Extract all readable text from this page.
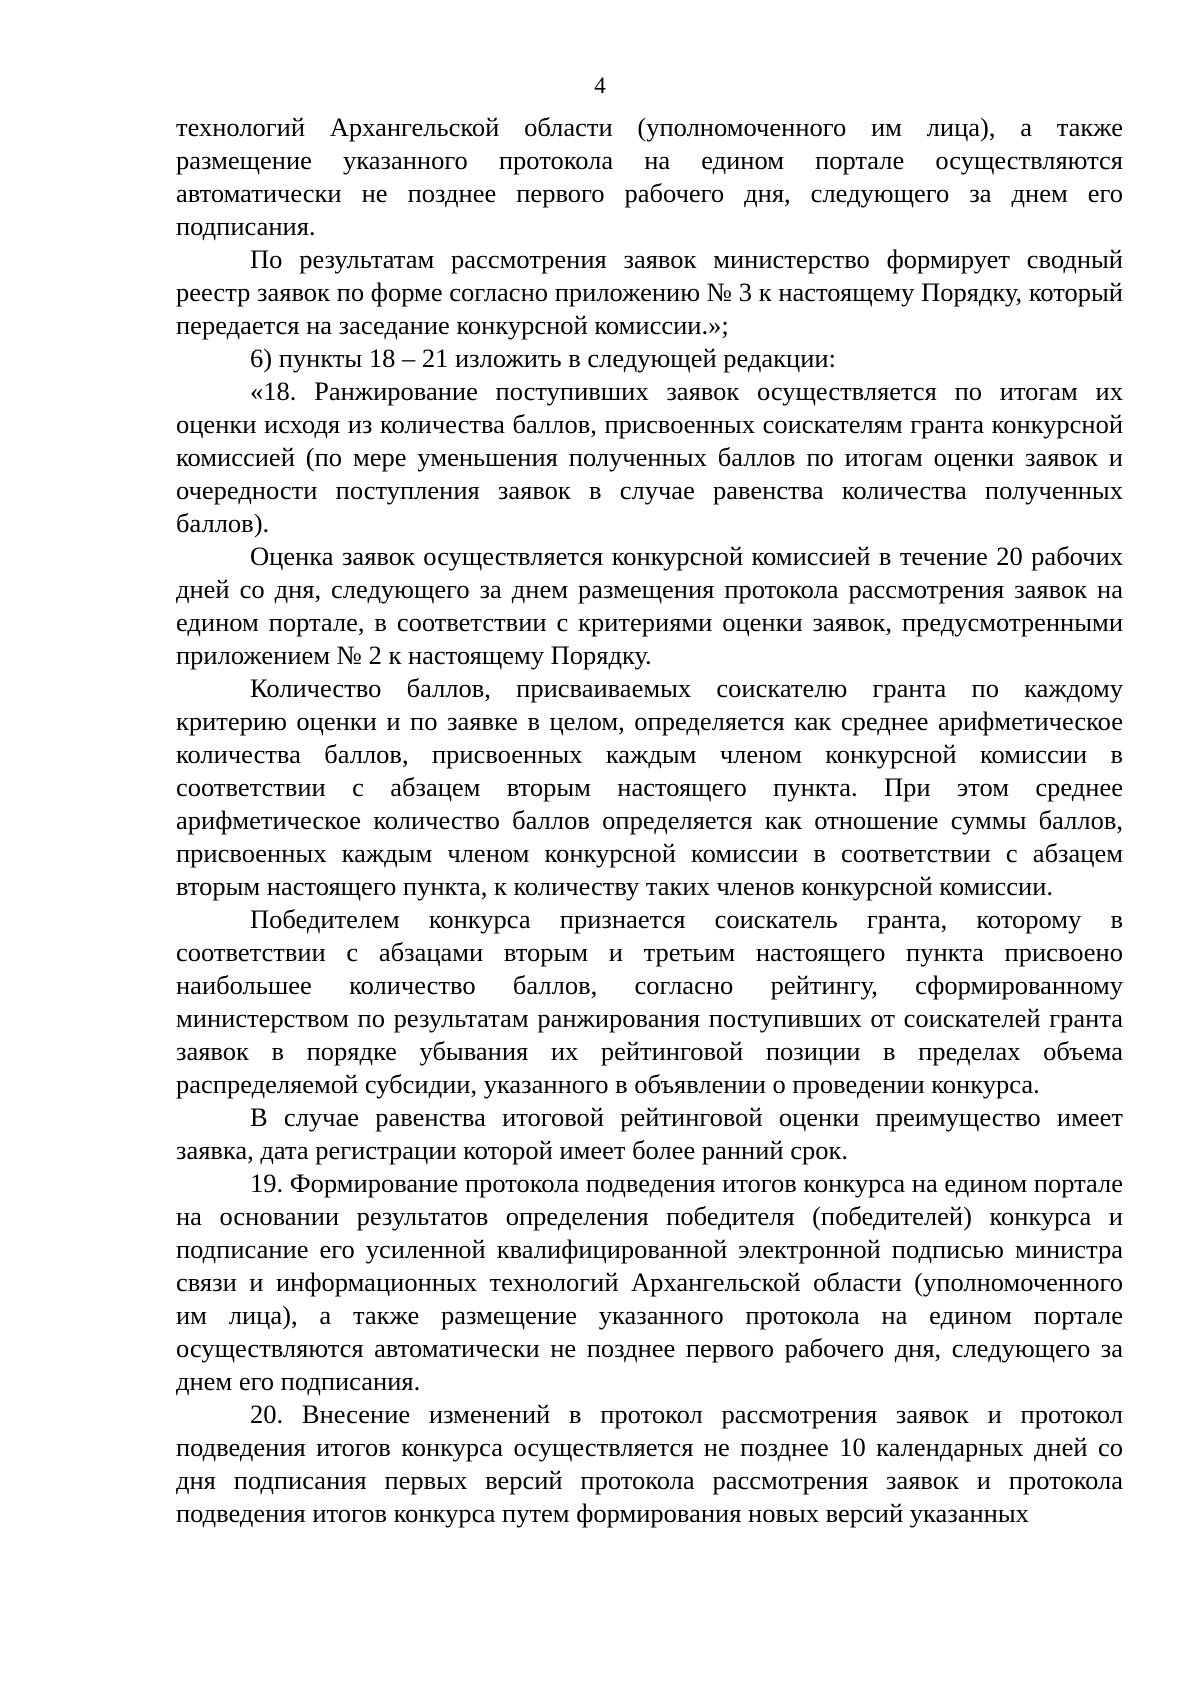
4

технологий Архангельской области (уполномоченного им лица), а также размещение указанного протокола на едином портале осуществляются автоматически не позднее первого рабочего дня, следующего за днем его подписания.

По результатам рассмотрения заявок министерство формирует сводный реестр заявок по форме согласно приложению № 3 к настоящему Порядку, который передается на заседание конкурсной комиссии.»;

6) пункты 18 – 21 изложить в следующей редакции:

«18. Ранжирование поступивших заявок осуществляется по итогам их оценки исходя из количества баллов, присвоенных соискателям гранта конкурсной комиссией (по мере уменьшения полученных баллов по итогам оценки заявок и очередности поступления заявок в случае равенства количества полученных баллов).

Оценка заявок осуществляется конкурсной комиссией в течение 20 рабочих дней со дня, следующего за днем размещения протокола рассмотрения заявок на едином портале, в соответствии с критериями оценки заявок, предусмотренными приложением № 2 к настоящему Порядку.

Количество баллов, присваиваемых соискателю гранта по каждому критерию оценки и по заявке в целом, определяется как среднее арифметическое количества баллов, присвоенных каждым членом конкурсной комиссии в соответствии с абзацем вторым настоящего пункта. При этом среднее арифметическое количество баллов определяется как отношение суммы баллов, присвоенных каждым членом конкурсной комиссии в соответствии с абзацем вторым настоящего пункта, к количеству таких членов конкурсной комиссии.

Победителем конкурса признается соискатель гранта, которому в соответствии с абзацами вторым и третьим настоящего пункта присвоено наибольшее количество баллов, согласно рейтингу, сформированному министерством по результатам ранжирования поступивших от соискателей гранта заявок в порядке убывания их рейтинговой позиции в пределах объема распределяемой субсидии, указанного в объявлении о проведении конкурса.

В случае равенства итоговой рейтинговой оценки преимущество имеет заявка, дата регистрации которой имеет более ранний срок.

19. Формирование протокола подведения итогов конкурса на едином портале на основании результатов определения победителя (победителей) конкурса и подписание его усиленной квалифицированной электронной подписью министра связи и информационных технологий Архангельской области (уполномоченного им лица), а также размещение указанного протокола на едином портале осуществляются автоматически не позднее первого рабочего дня, следующего за днем его подписания.

20. Внесение изменений в протокол рассмотрения заявок и протокол подведения итогов конкурса осуществляется не позднее 10 календарных дней со дня подписания первых версий протокола рассмотрения заявок и протокола подведения итогов конкурса путем формирования новых версий указанных
